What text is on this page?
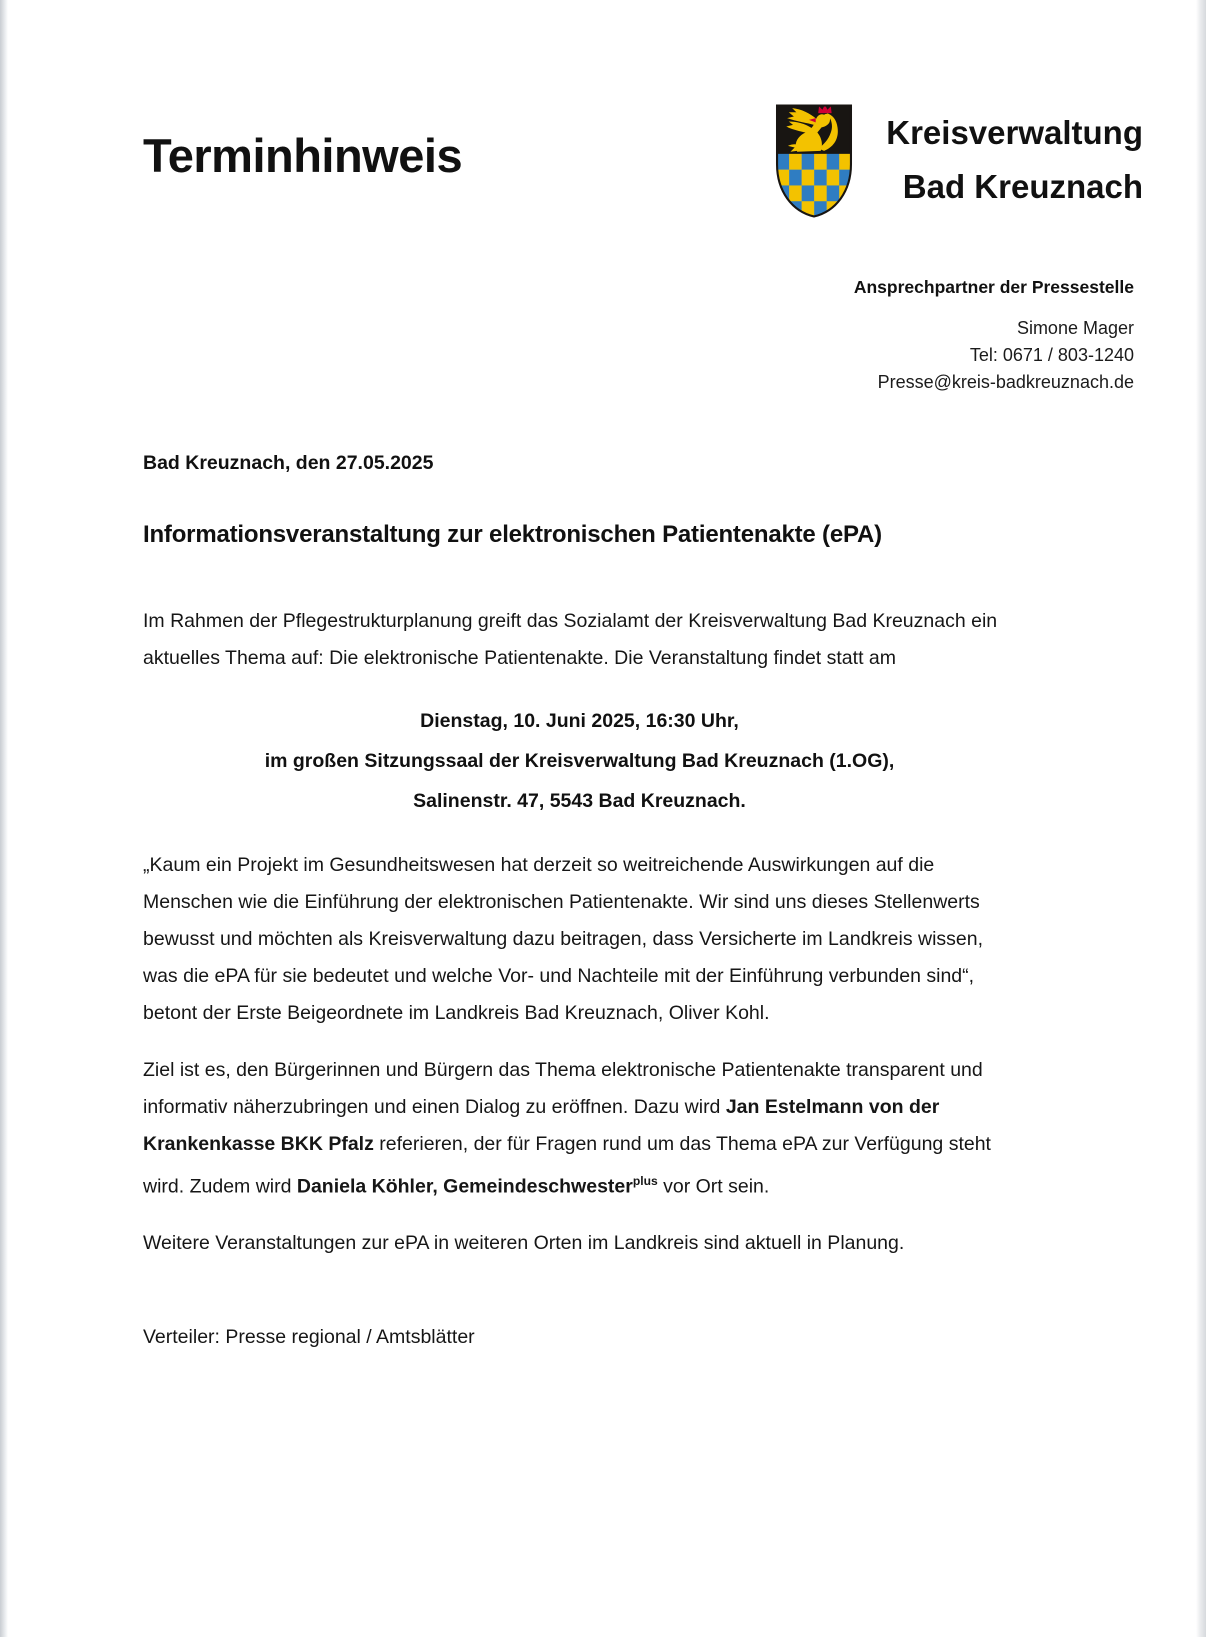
Terminhinweis	Kreisverwaltung
Bad Kreuznach
Ansprechpartner der Pressestelle
Simone Mager
Tel: 0671 / 803-1240
Presse@kreis-badkreuznach.de
Bad Kreuznach, den 27.05.2025
Informationsveranstaltung zur elektronischen Patientenakte (ePA)

Im Rahmen der Pflegestrukturplanung greift das Sozialamt der Kreisverwaltung Bad Kreuznach ein aktuelles Thema auf: Die elektronische Patientenakte. Die Veranstaltung findet statt am

Dienstag, 10. Juni 2025, 16:30 Uhr,
im großen Sitzungssaal der Kreisverwaltung Bad Kreuznach (1.OG),
Salinenstr. 47, 5543 Bad Kreuznach.

„Kaum ein Projekt im Gesundheitswesen hat derzeit so weitreichende Auswirkungen auf die Menschen wie die Einführung der elektronischen Patientenakte. Wir sind uns dieses Stellenwerts bewusst und möchten als Kreisverwaltung dazu beitragen, dass Versicherte im Landkreis wissen, was die ePA für sie bedeutet und welche Vor- und Nachteile mit der Einführung verbunden sind“, betont der Erste Beigeordnete im Landkreis Bad Kreuznach, Oliver Kohl.

Ziel ist es, den Bürgerinnen und Bürgern das Thema elektronische Patientenakte transparent und informativ näherzubringen und einen Dialog zu eröffnen. Dazu wird Jan Estelmann von der Krankenkasse BKK Pfalz referieren, der für Fragen rund um das Thema ePA zur Verfügung steht wird. Zudem wird Daniela Köhler, Gemeindeschwester$^{plus}$ vor Ort sein.

Weitere Veranstaltungen zur ePA in weiteren Orten im Landkreis sind aktuell in Planung.

Verteiler: Presse regional / Amtsblätter
